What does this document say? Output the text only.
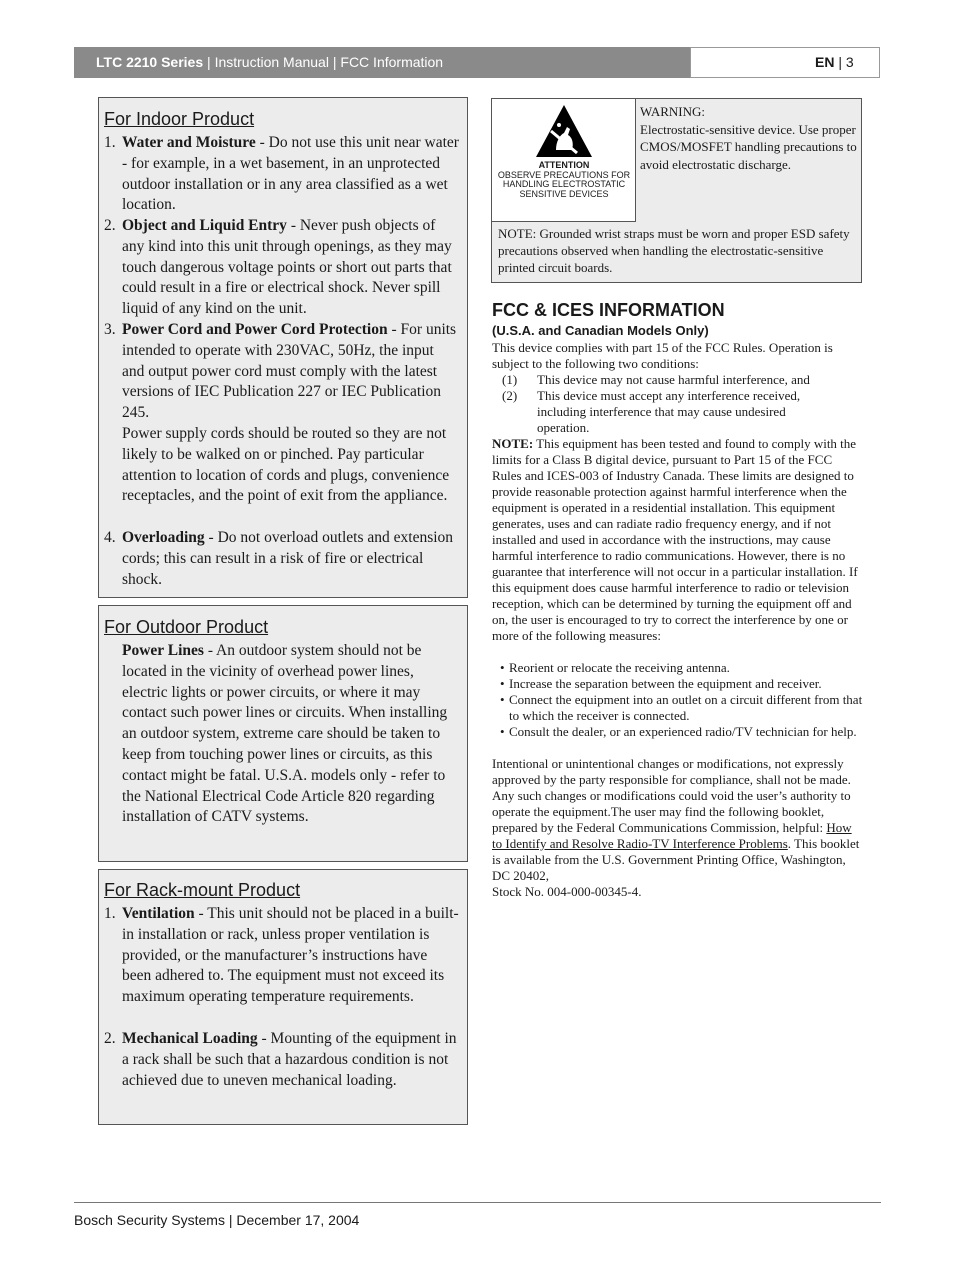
LTC 2210 Series | Instruction Manual | FCC Information	EN | 3
For Indoor Product
1. Water and Moisture - Do not use this unit near water - for example, in a wet basement, in an unprotected outdoor installation or in any area classified as a wet location.
2. Object and Liquid Entry - Never push objects of any kind into this unit through openings, as they may touch dangerous voltage points or short out parts that could result in a fire or electrical shock. Never spill liquid of any kind on the unit.
3. Power Cord and Power Cord Protection - For units intended to operate with 230VAC, 50Hz, the input and output power cord must comply with the latest versions of IEC Publication 227 or IEC Publication 245.
Power supply cords should be routed so they are not likely to be walked on or pinched. Pay particular attention to location of cords and plugs, convenience receptacles, and the point of exit from the appliance.
4. Overloading - Do not overload outlets and extension cords; this can result in a risk of fire or electrical shock.
For Outdoor Product
Power Lines - An outdoor system should not be located in the vicinity of overhead power lines, electric lights or power circuits, or where it may contact such power lines or circuits. When installing an outdoor system, extreme care should be taken to keep from touching power lines or circuits, as this contact might be fatal. U.S.A. models only - refer to the National Electrical Code Article 820 regarding installation of CATV systems.
For Rack-mount Product
1. Ventilation - This unit should not be placed in a built-in installation or rack, unless proper ventilation is provided, or the manufacturer’s instructions have been adhered to. The equipment must not exceed its maximum operating temperature requirements.
2. Mechanical Loading - Mounting of the equipment in a rack shall be such that a hazardous condition is not achieved due to uneven mechanical loading.
ATTENTION
OBSERVE PRECAUTIONS FOR HANDLING ELECTROSTATIC SENSITIVE DEVICES
WARNING:
Electrostatic-sensitive device. Use proper CMOS/MOSFET handling precautions to avoid electrostatic discharge.
NOTE: Grounded wrist straps must be worn and proper ESD safety precautions observed when handling the electrostatic-sensitive printed circuit boards.
FCC & ICES INFORMATION
(U.S.A. and Canadian Models Only)
This device complies with part 15 of the FCC Rules. Operation is subject to the following two conditions:
(1) This device may not cause harmful interference, and
(2) This device must accept any interference received, including interference that may cause undesired operation.
NOTE: This equipment has been tested and found to comply with the limits for a Class B digital device, pursuant to Part 15 of the FCC Rules and ICES-003 of Industry Canada. These limits are designed to provide reasonable protection against harmful interference when the equipment is operated in a residential installation. This equipment generates, uses and can radiate radio frequency energy, and if not installed and used in accordance with the instructions, may cause harmful interference to radio communications. However, there is no guarantee that interference will not occur in a particular installation. If this equipment does cause harmful interference to radio or television reception, which can be determined by turning the equipment off and on, the user is encouraged to try to correct the interference by one or
more of the following measures:
• Reorient or relocate the receiving antenna.
• Increase the separation between the equipment and receiver.
• Connect the equipment into an outlet on a circuit different from that to which the receiver is connected.
• Consult the dealer, or an experienced radio/TV technician for help.
Intentional or unintentional changes or modifications, not expressly approved by the party responsible for compliance, shall not be made. Any such changes or modifications could void the user’s authority to operate the equipment.The user may find the following booklet, prepared by the Federal Communications Commission, helpful: How to Identify and Resolve Radio-TV Interference Problems. This booklet is available from the U.S. Government Printing Office, Washington, DC 20402,
Stock No. 004-000-00345-4.
Bosch Security Systems | December 17, 2004
